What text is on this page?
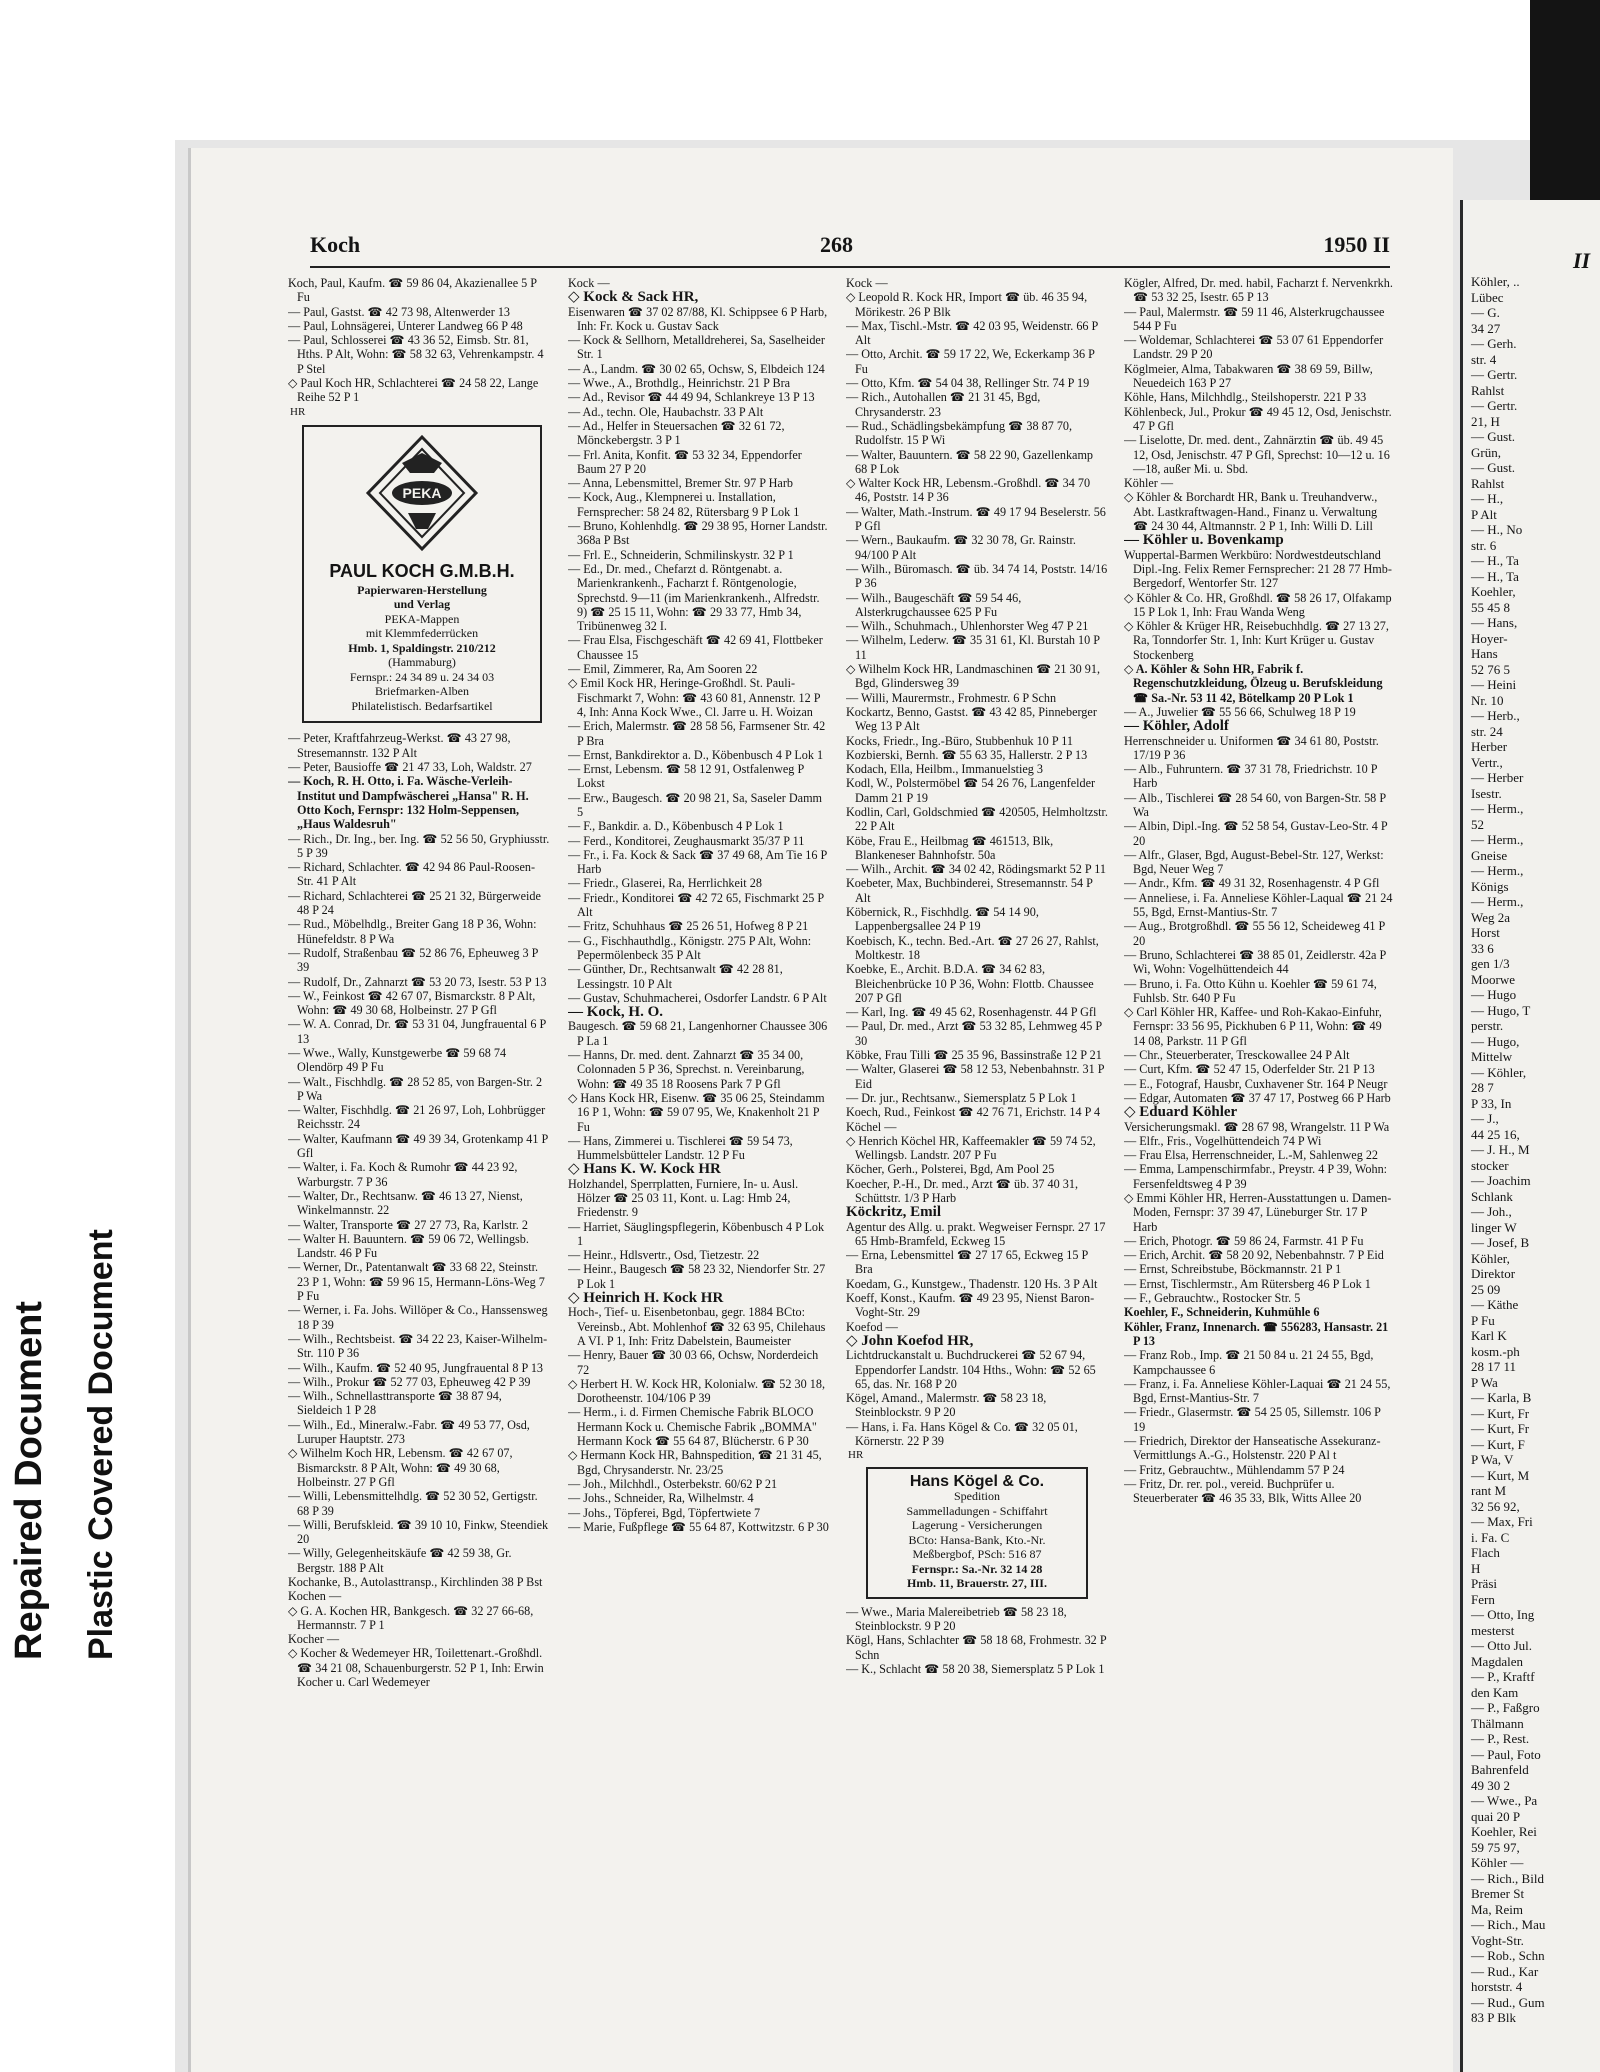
Repaired Document Plastic Covered Document
II
Köhler, ..
Lübec
— G.
34 27
— Gerh.
str. 4
— Gertr.
Rahlst
— Gertr.
21, H
— Gust.
Grün,
— Gust.
Rahlst
— H.,
P Alt
— H., No
str. 6
— H., Ta
— H., Ta
Koehler,
55 45 8
— Hans,
Hoyer-
Hans
52 76 5
— Heini
Nr. 10
— Herb.,
str. 24
Herber
Vertr.,
— Herber
Isestr.
— Herm.,
52
— Herm.,
Gneise
— Herm.,
Königs
— Herm.,
Weg 2a
Horst
33 6
gen 1/3
Moorwe
— Hugo
— Hugo, T
perstr.
— Hugo,
Mittelw
— Köhler,
28 7
P 33, In
— J.,
44 25 16,
— J. H., M
stocker
— Joachim
Schlank
— Joh.,
linger W
— Josef, B
Köhler,
Direktor
25 09
— Käthe
P Fu
Karl K
kosm.-ph
28 17 11
P Wa
— Karla, B
— Kurt, Fr
— Kurt, Fr
— Kurt, F
P Wa, V
— Kurt, M
rant M
32 56 92,
— Max, Fri
i. Fa. C
Flach
H
Präsi
Fern
— Otto, Ing
mesterst
— Otto Jul.
Magdalen
— P., Kraftf
den Kam
— P., Faßgro
Thälmann
— P., Rest.
— Paul, Foto
Bahrenfeld
49 30 2
— Wwe., Pa
quai 20 P
Koehler, Rei
59 75 97,
Köhler —
— Rich., Bild
Bremer St
Ma, Reim
— Rich., Mau
Voght-Str.
— Rob., Schn
— Rud., Kar
horststr. 4
— Rud., Gum
83 P Blk
Koch	268	1950 II

Koch, Paul, Kaufm. ☎ 59 86 04, Akazienallee 5 P Fu

— Paul, Gastst. ☎ 42 73 98, Altenwerder 13

— Paul, Lohnsägerei, Unterer Landweg 66 P 48

— Paul, Schlosserei ☎ 43 36 52, Eimsb. Str. 81, Hths. P Alt, Wohn: ☎ 58 32 63, Vehrenkampstr. 4 P Stel

◇ Paul Koch HR, Schlachterei ☎ 24 58 22, Lange Reihe 52 P 1

HR
PEKA
PAUL KOCH G.M.B.H.
Papierwaren-Herstellung
und Verlag
PEKA-Mappen
mit Klemmfederrücken
Hmb. 1, Spaldingstr. 210/212
(Hammaburg)
Fernspr.: 24 34 89 u. 24 34 03
Briefmarken-Alben
Philatelistisch. Bedarfsartikel

— Peter, Kraftfahrzeug-Werkst. ☎ 43 27 98, Stresemannstr. 132 P Alt

— Peter, Bausioffe ☎ 21 47 33, Loh, Waldstr. 27

— Koch, R. H. Otto, i. Fa. Wäsche-Verleih-Institut und Dampfwäscherei „Hansa" R. H. Otto Koch, Fernspr: 132 Holm-Seppensen, „Haus Waldesruh"

— Rich., Dr. Ing., ber. Ing. ☎ 52 56 50, Gryphiusstr. 5 P 39

— Richard, Schlachter. ☎ 42 94 86 Paul-Roosen-Str. 41 P Alt

— Richard, Schlachterei ☎ 25 21 32, Bürgerweide 48 P 24

— Rud., Möbelhdlg., Breiter Gang 18 P 36, Wohn: Hünefeldstr. 8 P Wa

— Rudolf, Straßenbau ☎ 52 86 76, Epheuweg 3 P 39

— Rudolf, Dr., Zahnarzt ☎ 53 20 73, Isestr. 53 P 13

— W., Feinkost ☎ 42 67 07, Bismarckstr. 8 P Alt, Wohn: ☎ 49 30 68, Holbeinstr. 27 P Gfl

— W. A. Conrad, Dr. ☎ 53 31 04, Jungfrauental 6 P 13

— Wwe., Wally, Kunstgewerbe ☎ 59 68 74 Olendörp 49 P Fu

— Walt., Fischhdlg. ☎ 28 52 85, von Bargen-Str. 2 P Wa

— Walter, Fischhdlg. ☎ 21 26 97, Loh, Lohbrügger Reichsstr. 24

— Walter, Kaufmann ☎ 49 39 34, Grotenkamp 41 P Gfl

— Walter, i. Fa. Koch & Rumohr ☎ 44 23 92, Warburgstr. 7 P 36

— Walter, Dr., Rechtsanw. ☎ 46 13 27, Nienst, Winkelmannstr. 22

— Walter, Transporte ☎ 27 27 73, Ra, Karlstr. 2

— Walter H. Bauuntern. ☎ 59 06 72, Wellingsb. Landstr. 46 P Fu

— Werner, Dr., Patentanwalt ☎ 33 68 22, Steinstr. 23 P 1, Wohn: ☎ 59 96 15, Hermann-Löns-Weg 7 P Fu

— Werner, i. Fa. Johs. Willöper & Co., Hanssensweg 18 P 39

— Wilh., Rechtsbeist. ☎ 34 22 23, Kaiser-Wilhelm-Str. 110 P 36

— Wilh., Kaufm. ☎ 52 40 95, Jungfrauental 8 P 13

— Wilh., Prokur ☎ 52 77 03, Epheuweg 42 P 39

— Wilh., Schnellasttransporte ☎ 38 87 94, Sieldeich 1 P 28

— Wilh., Ed., Mineralw.-Fabr. ☎ 49 53 77, Osd, Luruper Hauptstr. 273

◇ Wilhelm Koch HR, Lebensm. ☎ 42 67 07, Bismarckstr. 8 P Alt, Wohn: ☎ 49 30 68, Holbeinstr. 27 P Gfl

— Willi, Lebensmittelhdlg. ☎ 52 30 52, Gertigstr. 68 P 39

— Willi, Berufskleid. ☎ 39 10 10, Finkw, Steendiek 20

— Willy, Gelegenheitskäufe ☎ 42 59 38, Gr. Bergstr. 188 P Alt

Kochanke, B., Autolasttransp., Kirchlinden 38 P Bst

Kochen —

◇ G. A. Kochen HR, Bankgesch. ☎ 32 27 66-68, Hermannstr. 7 P 1

Kocher —

◇ Kocher & Wedemeyer HR, Toilettenart.-Großhdl. ☎ 34 21 08, Schauenburgerstr. 52 P 1, Inh: Erwin Kocher u. Carl Wedemeyer

Kock —

◇ Kock & Sack HR,

Eisenwaren ☎ 37 02 87/88, Kl. Schippsee 6 P Harb, Inh: Fr. Kock u. Gustav Sack

— Kock & Sellhorn, Metalldreherei, Sa, Saselheider Str. 1

— A., Landm. ☎ 30 02 65, Ochsw, S, Elbdeich 124

— Wwe., A., Brothdlg., Heinrichstr. 21 P Bra

— Ad., Revisor ☎ 44 49 94, Schlankreye 13 P 13

— Ad., techn. Ole, Haubachstr. 33 P Alt

— Ad., Helfer in Steuersachen ☎ 32 61 72, Mönckebergstr. 3 P 1

— Frl. Anita, Konfit. ☎ 53 32 34, Eppendorfer Baum 27 P 20

— Anna, Lebensmittel, Bremer Str. 97 P Harb

— Kock, Aug., Klempnerei u. Installation, Fernsprecher: 58 24 82, Rütersbarg 9 P Lok 1

— Bruno, Kohlenhdlg. ☎ 29 38 95, Horner Landstr. 368a P Bst

— Frl. E., Schneiderin, Schmilinskystr. 32 P 1

— Ed., Dr. med., Chefarzt d. Röntgenabt. a. Marienkrankenh., Facharzt f. Röntgenologie, Sprechstd. 9—11 (im Marienkrankenh., Alfredstr. 9) ☎ 25 15 11, Wohn: ☎ 29 33 77, Hmb 34, Tribünenweg 32 I.

— Frau Elsa, Fischgeschäft ☎ 42 69 41, Flottbeker Chaussee 15

— Emil, Zimmerer, Ra, Am Sooren 22

◇ Emil Kock HR, Heringe-Großhdl. St. Pauli-Fischmarkt 7, Wohn: ☎ 43 60 81, Annenstr. 12 P 4, Inh: Anna Kock Wwe., Cl. Jarre u. H. Woizan

— Erich, Malermstr. ☎ 28 58 56, Farmsener Str. 42 P Bra

— Ernst, Bankdirektor a. D., Köbenbusch 4 P Lok 1

— Ernst, Lebensm. ☎ 58 12 91, Ostfalenweg P Lokst

— Erw., Baugesch. ☎ 20 98 21, Sa, Saseler Damm 5

— F., Bankdir. a. D., Köbenbusch 4 P Lok 1

— Ferd., Konditorei, Zeughausmarkt 35/37 P 11

— Fr., i. Fa. Kock & Sack ☎ 37 49 68, Am Tie 16 P Harb

— Friedr., Glaserei, Ra, Herrlichkeit 28

— Friedr., Konditorei ☎ 42 72 65, Fischmarkt 25 P Alt

— Fritz, Schuhhaus ☎ 25 26 51, Hofweg 8 P 21

— G., Fischhauthdlg., Königstr. 275 P Alt, Wohn: Pepermölenbeck 35 P Alt

— Günther, Dr., Rechtsanwalt ☎ 42 28 81, Lessingstr. 10 P Alt

— Gustav, Schuhmacherei, Osdorfer Landstr. 6 P Alt

— Kock, H. O.

Baugesch. ☎ 59 68 21, Langenhorner Chaussee 306 P La 1

— Hanns, Dr. med. dent. Zahnarzt ☎ 35 34 00, Colonnaden 5 P 36, Sprechst. n. Vereinbarung, Wohn: ☎ 49 35 18 Roosens Park 7 P Gfl

◇ Hans Kock HR, Eisenw. ☎ 35 06 25, Steindamm 16 P 1, Wohn: ☎ 59 07 95, We, Knakenholt 21 P Fu

— Hans, Zimmerei u. Tischlerei ☎ 59 54 73, Hummelsbütteler Landstr. 12 P Fu

◇ Hans K. W. Kock HR

Holzhandel, Sperrplatten, Furniere, In- u. Ausl. Hölzer ☎ 25 03 11, Kont. u. Lag: Hmb 24, Friedenstr. 9

— Harriet, Säuglingspflegerin, Köbenbusch 4 P Lok 1

— Heinr., Hdlsvertr., Osd, Tietzestr. 22

— Heinr., Baugesch ☎ 58 23 32, Niendorfer Str. 27 P Lok 1

◇ Heinrich H. Kock HR

Hoch-, Tief- u. Eisenbetonbau, gegr. 1884 BCto: Vereinsb., Abt. Mohlenhof ☎ 32 63 95, Chilehaus A VI. P 1, Inh: Fritz Dabelstein, Baumeister

— Henry, Bauer ☎ 30 03 66, Ochsw, Norderdeich 72

◇ Herbert H. W. Kock HR, Kolonialw. ☎ 52 30 18, Dorotheenstr. 104/106 P 39

— Herm., i. d. Firmen Chemische Fabrik BLOCO Hermann Kock u. Chemische Fabrik „BOMMA" Hermann Kock ☎ 55 64 87, Blücherstr. 6 P 30

◇ Hermann Kock HR, Bahnspedition, ☎ 21 31 45, Bgd, Chrysanderstr. Nr. 23/25

— Joh., Milchhdl., Osterbekstr. 60/62 P 21

— Johs., Schneider, Ra, Wilhelmstr. 4

— Johs., Töpferei, Bgd, Töpfertwiete 7

— Marie, Fußpflege ☎ 55 64 87, Kottwitzstr. 6 P 30

Kock —

◇ Leopold R. Kock HR, Import ☎ üb. 46 35 94, Mörikestr. 26 P Blk

— Max, Tischl.-Mstr. ☎ 42 03 95, Weidenstr. 66 P Alt

— Otto, Archit. ☎ 59 17 22, We, Eckerkamp 36 P Fu

— Otto, Kfm. ☎ 54 04 38, Rellinger Str. 74 P 19

— Rich., Autohallen ☎ 21 31 45, Bgd, Chrysanderstr. 23

— Rud., Schädlingsbekämpfung ☎ 38 87 70, Rudolfstr. 15 P Wi

— Walter, Bauuntern. ☎ 58 22 90, Gazellenkamp 68 P Lok

◇ Walter Kock HR, Lebensm.-Großhdl. ☎ 34 70 46, Poststr. 14 P 36

— Walter, Math.-Instrum. ☎ 49 17 94 Beselerstr. 56 P Gfl

— Wern., Baukaufm. ☎ 32 30 78, Gr. Rainstr. 94/100 P Alt

— Wilh., Büromasch. ☎ üb. 34 74 14, Poststr. 14/16 P 36

— Wilh., Baugeschäft ☎ 59 54 46, Alsterkrugchaussee 625 P Fu

— Wilh., Schuhmach., Uhlenhorster Weg 47 P 21

— Wilhelm, Lederw. ☎ 35 31 61, Kl. Burstah 10 P 11

◇ Wilhelm Kock HR, Landmaschinen ☎ 21 30 91, Bgd, Glindersweg 39

— Willi, Maurermstr., Frohmestr. 6 P Schn

Kockartz, Benno, Gastst. ☎ 43 42 85, Pinneberger Weg 13 P Alt

Kocks, Friedr., Ing.-Büro, Stubbenhuk 10 P 11

Kozbierski, Bernh. ☎ 55 63 35, Hallerstr. 2 P 13

Kodach, Ella, Heilbm., Immanuelstieg 3

Kodl, W., Polstermöbel ☎ 54 26 76, Langenfelder Damm 21 P 19

Kodlin, Carl, Goldschmied ☎ 420505, Helmholtzstr. 22 P Alt

Köbe, Frau E., Heilbmag ☎ 461513, Blk, Blankeneser Bahnhofstr. 50a

— Wilh., Archit. ☎ 34 02 42, Rödingsmarkt 52 P 11

Koebeter, Max, Buchbinderei, Stresemannstr. 54 P Alt

Köbernick, R., Fischhdlg. ☎ 54 14 90, Lappenbergsallee 24 P 19

Koebisch, K., techn. Bed.-Art. ☎ 27 26 27, Rahlst, Moltkestr. 18

Koebke, E., Archit. B.D.A. ☎ 34 62 83, Bleichenbrücke 10 P 36, Wohn: Flottb. Chaussee 207 P Gfl

— Karl, Ing. ☎ 49 45 62, Rosenhagenstr. 44 P Gfl

— Paul, Dr. med., Arzt ☎ 53 32 85, Lehmweg 45 P 30

Köbke, Frau Tilli ☎ 25 35 96, Bassinstraße 12 P 21

— Walter, Glaserei ☎ 58 12 53, Nebenbahnstr. 31 P Eid

— Dr. jur., Rechtsanw., Siemersplatz 5 P Lok 1

Koech, Rud., Feinkost ☎ 42 76 71, Erichstr. 14 P 4

Köchel —

◇ Henrich Köchel HR, Kaffeemakler ☎ 59 74 52, Wellingsb. Landstr. 207 P Fu

Köcher, Gerh., Polsterei, Bgd, Am Pool 25

Koecher, P.-H., Dr. med., Arzt ☎ üb. 37 40 31, Schüttstr. 1/3 P Harb

Köckritz, Emil

Agentur des Allg. u. prakt. Wegweiser Fernspr. 27 17 65 Hmb-Bramfeld, Eckweg 15

— Erna, Lebensmittel ☎ 27 17 65, Eckweg 15 P Bra

Koedam, G., Kunstgew., Thadenstr. 120 Hs. 3 P Alt

Koeff, Konst., Kaufm. ☎ 49 23 95, Nienst Baron-Voght-Str. 29

Koefod —

◇ John Koefod HR,

Lichtdruckanstalt u. Buchdruckerei ☎ 52 67 94, Eppendorfer Landstr. 104 Hths., Wohn: ☎ 52 65 65, das. Nr. 168 P 20

Kögel, Amand., Malermstr. ☎ 58 23 18, Steinblockstr. 9 P 20

— Hans, i. Fa. Hans Kögel & Co. ☎ 32 05 01, Körnerstr. 22 P 39

HR
Hans Kögel & Co.
Spedition
Sammelladungen - Schiffahrt
Lagerung - Versicherungen
BCto: Hansa-Bank, Kto.-Nr.
Meßbergbof, PSch: 516 87
Fernspr.: Sa.-Nr. 32 14 28
Hmb. 11, Brauerstr. 27, III.

— Wwe., Maria Malereibetrieb ☎ 58 23 18, Steinblockstr. 9 P 20

Kögl, Hans, Schlachter ☎ 58 18 68, Frohmestr. 32 P Schn

— K., Schlacht ☎ 58 20 38, Siemersplatz 5 P Lok 1

Kögler, Alfred, Dr. med. habil, Facharzt f. Nervenkrkh. ☎ 53 32 25, Isestr. 65 P 13

— Paul, Malermstr. ☎ 59 11 46, Alsterkrugchaussee 544 P Fu

— Woldemar, Schlachterei ☎ 53 07 61 Eppendorfer Landstr. 29 P 20

Köglmeier, Alma, Tabakwaren ☎ 38 69 59, Billw, Neuedeich 163 P 27

Köhle, Hans, Milchhdlg., Steilshoperstr. 221 P 33

Köhlenbeck, Jul., Prokur ☎ 49 45 12, Osd, Jenischstr. 47 P Gfl

— Liselotte, Dr. med. dent., Zahnärztin ☎ üb. 49 45 12, Osd, Jenischstr. 47 P Gfl, Sprechst: 10—12 u. 16—18, außer Mi. u. Sbd.

Köhler —

◇ Köhler & Borchardt HR, Bank u. Treuhandverw., Abt. Lastkraftwagen-Hand., Finanz u. Verwaltung ☎ 24 30 44, Altmannstr. 2 P 1, Inh: Willi D. Lill

— Köhler u. Bovenkamp

Wuppertal-Barmen Werkbüro: Nordwestdeutschland Dipl.-Ing. Felix Remer Fernsprecher: 21 28 77 Hmb-Bergedorf, Wentorfer Str. 127

◇ Köhler & Co. HR, Großhdl. ☎ 58 26 17, Olfakamp 15 P Lok 1, Inh: Frau Wanda Weng

◇ Köhler & Krüger HR, Reisebuchhdlg. ☎ 27 13 27, Ra, Tonndorfer Str. 1, Inh: Kurt Krüger u. Gustav Stockenberg

◇ A. Köhler & Sohn HR, Fabrik f. Regenschutzkleidung, Ölzeug u. Berufskleidung ☎ Sa.-Nr. 53 11 42, Bötelkamp 20 P Lok 1

— A., Juwelier ☎ 55 56 66, Schulweg 18 P 19

— Köhler, Adolf

Herrenschneider u. Uniformen ☎ 34 61 80, Poststr. 17/19 P 36

— Alb., Fuhruntern. ☎ 37 31 78, Friedrichstr. 10 P Harb

— Alb., Tischlerei ☎ 28 54 60, von Bargen-Str. 58 P Wa

— Albin, Dipl.-Ing. ☎ 52 58 54, Gustav-Leo-Str. 4 P 20

— Alfr., Glaser, Bgd, August-Bebel-Str. 127, Werkst: Bgd, Neuer Weg 7

— Andr., Kfm. ☎ 49 31 32, Rosenhagenstr. 4 P Gfl

— Anneliese, i. Fa. Anneliese Köhler-Laqual ☎ 21 24 55, Bgd, Ernst-Mantius-Str. 7

— Aug., Brotgroßhdl. ☎ 55 56 12, Scheideweg 41 P 20

— Bruno, Schlachterei ☎ 38 85 01, Zeidlerstr. 42a P Wi, Wohn: Vogelhüttendeich 44

— Bruno, i. Fa. Otto Kühn u. Koehler ☎ 59 61 74, Fuhlsb. Str. 640 P Fu

◇ Carl Köhler HR, Kaffee- und Roh-Kakao-Einfuhr, Fernspr: 33 56 95, Pickhuben 6 P 11, Wohn: ☎ 49 14 08, Parkstr. 11 P Gfl

— Chr., Steuerberater, Tresckowallee 24 P Alt

— Curt, Kfm. ☎ 52 47 15, Oderfelder Str. 21 P 13

— E., Fotograf, Hausbr, Cuxhavener Str. 164 P Neugr

— Edgar, Automaten ☎ 37 47 17, Postweg 66 P Harb

◇ Eduard Köhler

Versicherungsmakl. ☎ 28 67 98, Wrangelstr. 11 P Wa

— Elfr., Fris., Vogelhüttendeich 74 P Wi

— Frau Elsa, Herrenschneider, L.-M, Sahlenweg 22

— Emma, Lampenschirmfabr., Preystr. 4 P 39, Wohn: Fersenfeldtsweg 4 P 39

◇ Emmi Köhler HR, Herren-Ausstattungen u. Damen-Moden, Fernspr: 37 39 47, Lüneburger Str. 17 P Harb

— Erich, Photogr. ☎ 59 86 24, Farmstr. 41 P Fu

— Erich, Archit. ☎ 58 20 92, Nebenbahnstr. 7 P Eid

— Ernst, Schreibstube, Böckmannstr. 21 P 1

— Ernst, Tischlermstr., Am Rütersberg 46 P Lok 1

— F., Gebrauchtw., Rostocker Str. 5

Koehler, F., Schneiderin, Kuhmühle 6

Köhler, Franz, Innenarch. ☎ 556283, Hansastr. 21 P 13

— Franz Rob., Imp. ☎ 21 50 84 u. 21 24 55, Bgd, Kampchaussee 6

— Franz, i. Fa. Anneliese Köhler-Laquai ☎ 21 24 55, Bgd, Ernst-Mantius-Str. 7

— Friedr., Glasermstr. ☎ 54 25 05, Sillemstr. 106 P 19

— Friedrich, Direktor der Hanseatische Assekuranz-Vermittlungs A.-G., Holstenstr. 220 P Al t

— Fritz, Gebrauchtw., Mühlendamm 57 P 24

— Fritz, Dr. rer. pol., vereid. Buchprüfer u. Steuerberater ☎ 46 35 33, Blk, Witts Allee 20
